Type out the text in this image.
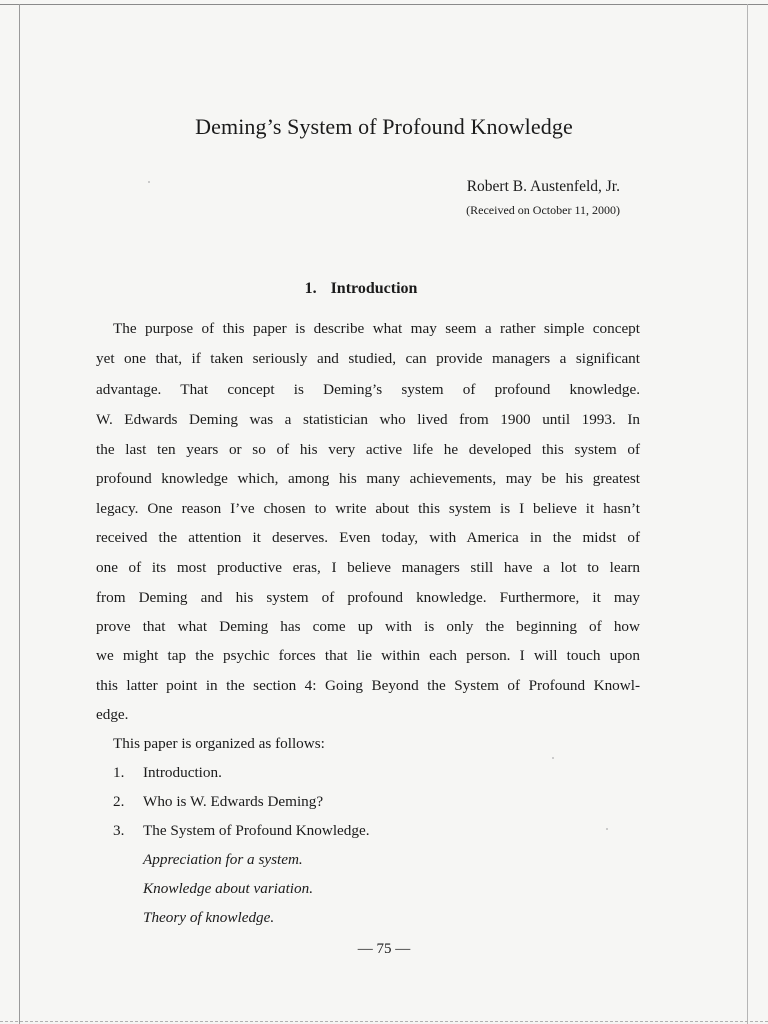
Deming’s System of Profound Knowledge
Robert B. Austenfeld, Jr.
(Received on October 11, 2000)
1. Introduction
The purpose of this paper is describe what may seem a rather simple concept
yet one that, if taken seriously and studied, can provide managers a significant
advantage. That concept is Deming’s system of profound knowledge.
W. Edwards Deming was a statistician who lived from 1900 until 1993. In
the last ten years or so of his very active life he developed this system of
profound knowledge which, among his many achievements, may be his greatest
legacy. One reason I’ve chosen to write about this system is I believe it hasn’t
received the attention it deserves. Even today, with America in the midst of
one of its most productive eras, I believe managers still have a lot to learn
from Deming and his system of profound knowledge. Furthermore, it may
prove that what Deming has come up with is only the beginning of how
we might tap the psychic forces that lie within each person. I will touch upon
this latter point in the section 4: Going Beyond the System of Profound Knowl-
edge.
This paper is organized as follows:
1. Introduction.
2. Who is W. Edwards Deming?
3. The System of Profound Knowledge.
Appreciation for a system.
Knowledge about variation.
Theory of knowledge.
— 75 —
